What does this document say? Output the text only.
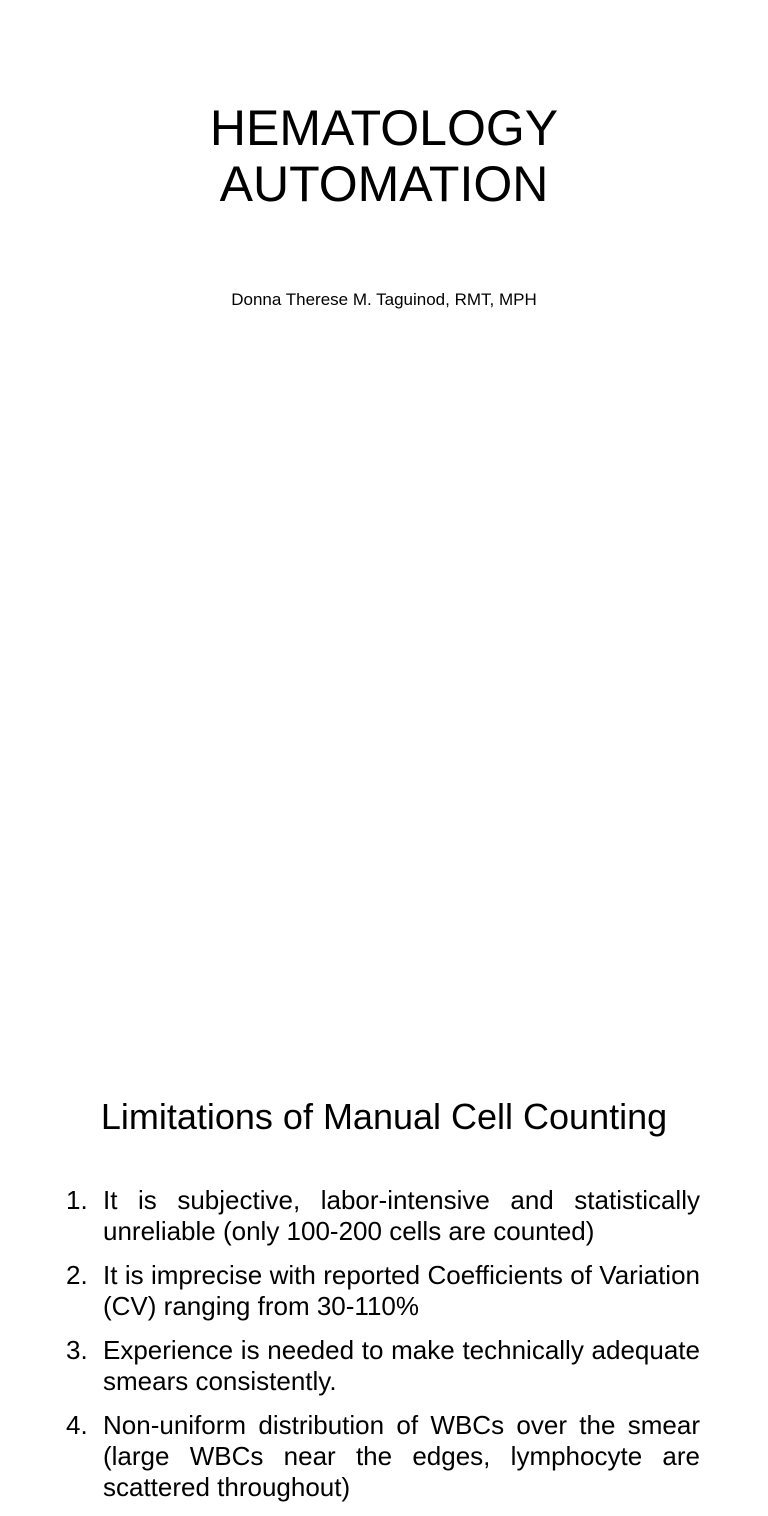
HEMATOLOGY
AUTOMATION

Donna Therese M. Taguinod, RMT, MPH

Limitations of Manual Cell Counting
1. It is subjective, labor-intensive and statistically unreliable (only 100-200 cells are counted)
2. It is imprecise with reported Coefficients of Variation (CV) ranging from 30-110%
3. Experience is needed to make technically adequate smears consistently.
4. Non-uniform distribution of WBCs over the smear (large WBCs near the edges, lymphocyte are scattered throughout)
